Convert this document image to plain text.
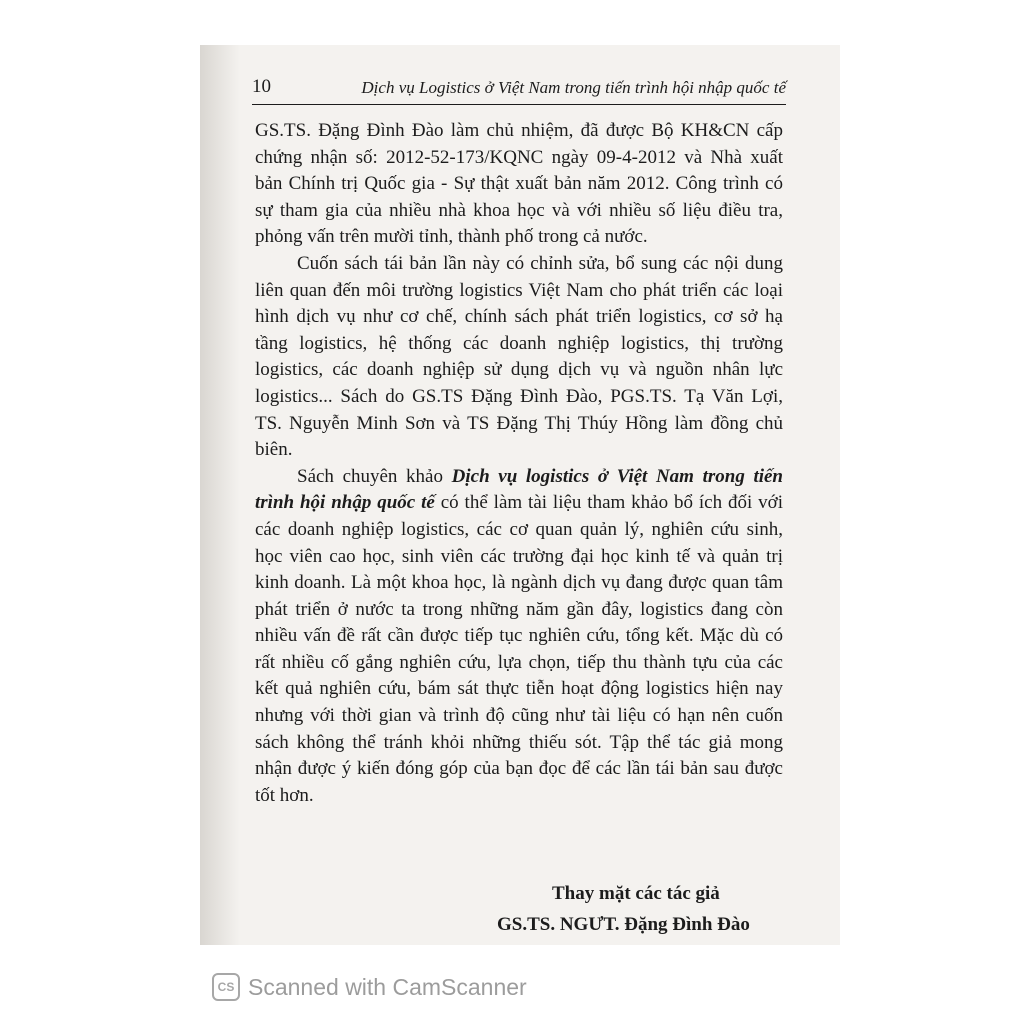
10	Dịch vụ Logistics ở Việt Nam trong tiến trình hội nhập quốc tế

GS.TS. Đặng Đình Đào làm chủ nhiệm, đã được Bộ KH&CN cấp chứng nhận số: 2012-52-173/KQNC ngày 09-4-2012 và Nhà xuất bản Chính trị Quốc gia - Sự thật xuất bản năm 2012. Công trình có sự tham gia của nhiều nhà khoa học và với nhiều số liệu điều tra, phỏng vấn trên mười tỉnh, thành phố trong cả nước.

Cuốn sách tái bản lần này có chỉnh sửa, bổ sung các nội dung liên quan đến môi trường logistics Việt Nam cho phát triển các loại hình dịch vụ như cơ chế, chính sách phát triển logistics, cơ sở hạ tầng logistics, hệ thống các doanh nghiệp logistics, thị trường logistics, các doanh nghiệp sử dụng dịch vụ và nguồn nhân lực logistics... Sách do GS.TS Đặng Đình Đào, PGS.TS. Tạ Văn Lợi, TS. Nguyễn Minh Sơn và TS Đặng Thị Thúy Hồng làm đồng chủ biên.

Sách chuyên khảo Dịch vụ logistics ở Việt Nam trong tiến trình hội nhập quốc tế có thể làm tài liệu tham khảo bổ ích đối với các doanh nghiệp logistics, các cơ quan quản lý, nghiên cứu sinh, học viên cao học, sinh viên các trường đại học kinh tế và quản trị kinh doanh. Là một khoa học, là ngành dịch vụ đang được quan tâm phát triển ở nước ta trong những năm gần đây, logistics đang còn nhiều vấn đề rất cần được tiếp tục nghiên cứu, tổng kết. Mặc dù có rất nhiều cố gắng nghiên cứu, lựa chọn, tiếp thu thành tựu của các kết quả nghiên cứu, bám sát thực tiễn hoạt động logistics hiện nay nhưng với thời gian và trình độ cũng như tài liệu có hạn nên cuốn sách không thể tránh khỏi những thiếu sót. Tập thể tác giả mong nhận được ý kiến đóng góp của bạn đọc để các lần tái bản sau được tốt hơn.

Thay mặt các tác giả
GS.TS. NGƯT. Đặng Đình Đào
CS Scanned with CamScanner
